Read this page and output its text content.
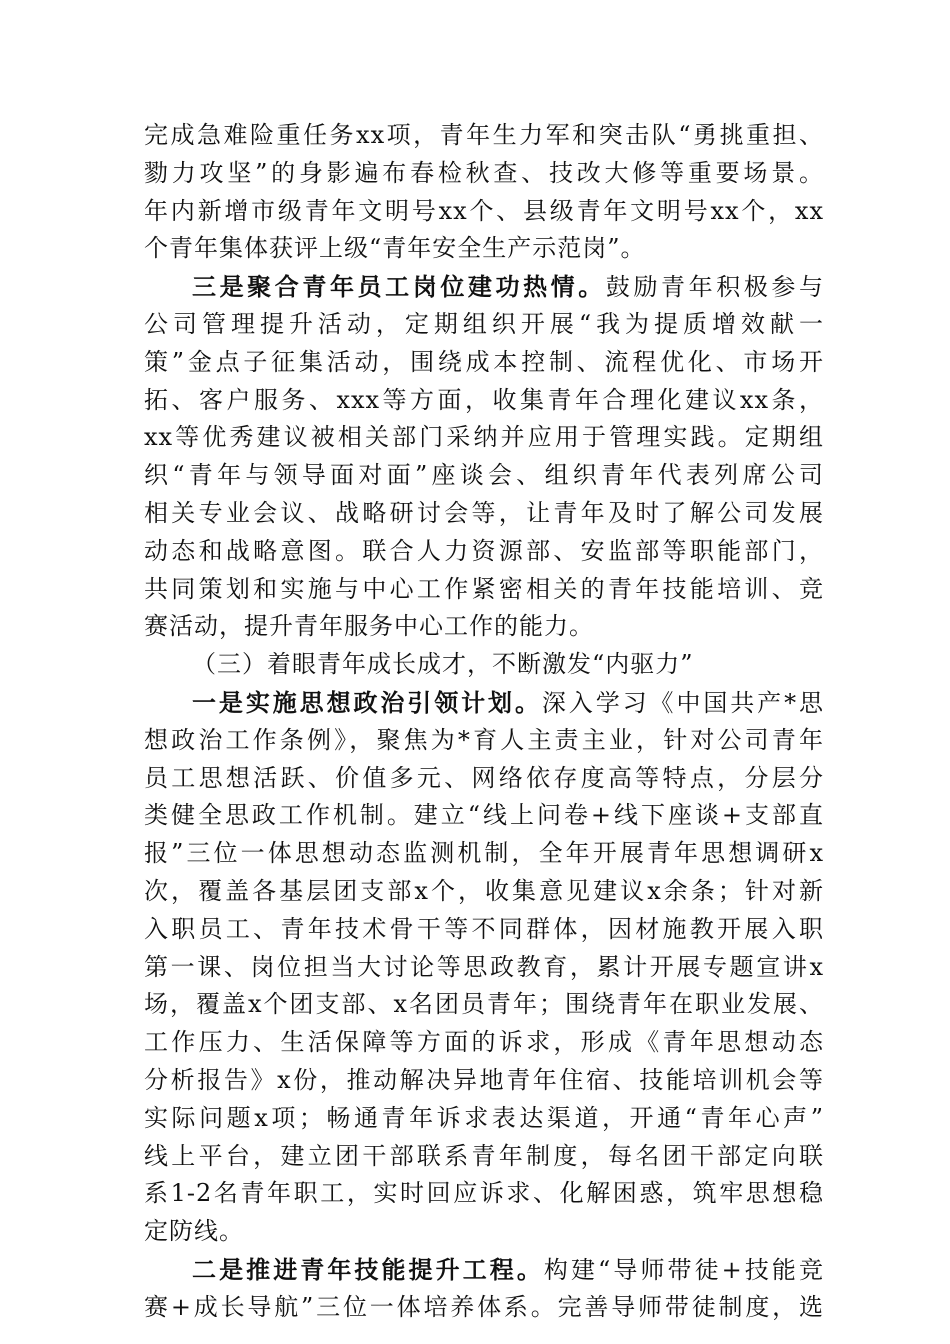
完成急难险重任务xx项，青年生力军和突击队“勇挑重担、
勠力攻坚”的身影遍布春检秋查、技改大修等重要场景。
年内新增市级青年文明号xx个、县级青年文明号xx个，xx
个青年集体获评上级“青年安全生产示范岗”。
三是聚合青年员工岗位建功热情。鼓励青年积极参与
公司管理提升活动，定期组织开展“我为提质增效献一
策”金点子征集活动，围绕成本控制、流程优化、市场开
拓、客户服务、xxx等方面，收集青年合理化建议xx条，
xx等优秀建议被相关部门采纳并应用于管理实践。定期组
织“青年与领导面对面”座谈会、组织青年代表列席公司
相关专业会议、战略研讨会等，让青年及时了解公司发展
动态和战略意图。联合人力资源部、安监部等职能部门，
共同策划和实施与中心工作紧密相关的青年技能培训、竞
赛活动，提升青年服务中心工作的能力。
（三）着眼青年成长成才，不断激发“内驱力”
一是实施思想政治引领计划。深入学习《中国共产*思
想政治工作条例》，聚焦为*育人主责主业，针对公司青年
员工思想活跃、价值多元、网络依存度高等特点，分层分
类健全思政工作机制。建立“线上问卷+线下座谈+支部直
报”三位一体思想动态监测机制，全年开展青年思想调研x
次，覆盖各基层团支部x个，收集意见建议x余条；针对新
入职员工、青年技术骨干等不同群体，因材施教开展入职
第一课、岗位担当大讨论等思政教育，累计开展专题宣讲x
场，覆盖x个团支部、x名团员青年；围绕青年在职业发展、
工作压力、生活保障等方面的诉求，形成《青年思想动态
分析报告》x份，推动解决异地青年住宿、技能培训机会等
实际问题x项；畅通青年诉求表达渠道，开通“青年心声”
线上平台，建立团干部联系青年制度，每名团干部定向联
系1-2名青年职工，实时回应诉求、化解困惑，筑牢思想稳
定防线。
二是推进青年技能提升工程。构建“导师带徒+技能竞
赛+成长导航”三位一体培养体系。完善导师带徒制度，选
